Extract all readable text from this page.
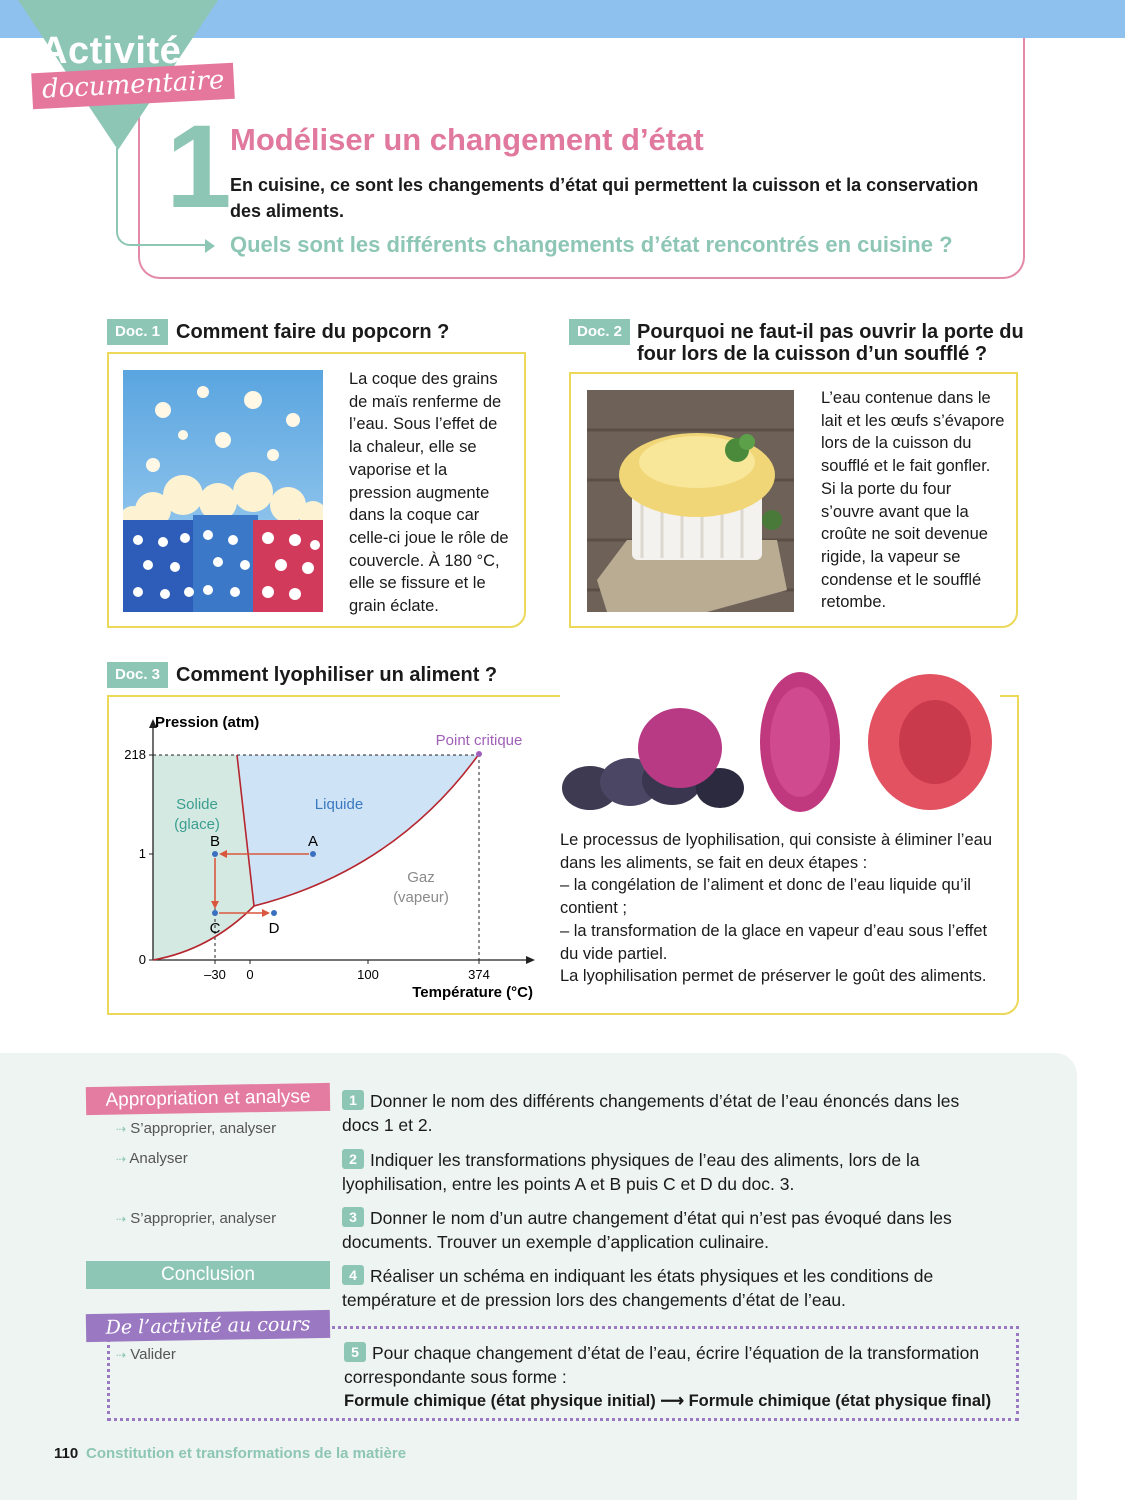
Activité
documentaire
1
Modéliser un changement d’état
En cuisine, ce sont les changements d’état qui permettent la cuisson et la conservation des aliments.
Quels sont les différents changements d’état rencontrés en cuisine ?
Doc. 1 Comment faire du popcorn ?
La coque des grains de maïs renferme de l’eau. Sous l’effet de la chaleur, elle se vaporise et la pression augmente dans la coque car celle-ci joue le rôle de couvercle. À 180 °C, elle se fissure et le grain éclate.
Doc. 2 Pourquoi ne faut-il pas ouvrir la porte du four lors de la cuisson d’un soufflé ?
L’eau contenue dans le lait et les œufs s’évapore lors de la cuisson du soufflé et le fait gonfler. Si la porte du four s’ouvre avant que la croûte ne soit devenue rigide, la vapeur se condense et le soufflé retombe.
Doc. 3 Comment lyophiliser un aliment ?
Pression (atm)
Température (°C)
–30 0	100	374
0
1
218
Solide
(glace)
Liquide
Gaz
(vapeur)
A
B
C	D
Point critique
Le processus de lyophilisation, qui consiste à éliminer l’eau dans les aliments, se fait en deux étapes :
– la congélation de l’aliment et donc de l’eau liquide qu’il contient ;
– la transformation de la glace en vapeur d’eau sous l’effet du vide partiel.
La lyophilisation permet de préserver le goût des aliments.
Appropriation et analyse
Conclusion
De l’activité au cours
⇢ S’approprier, analyser
⇢ Analyser
⇢ S’approprier, analyser
⇢ Valider
1 Donner le nom des différents changements d’état de l’eau énoncés dans les docs 1 et 2.
2 Indiquer les transformations physiques de l’eau des aliments, lors de la lyophilisation, entre les points A et B puis C et D du doc. 3.
3 Donner le nom d’un autre changement d’état qui n’est pas évoqué dans les documents. Trouver un exemple d’application culinaire.
4 Réaliser un schéma en indiquant les états physiques et les conditions de température et de pression lors des changements d’état de l’eau.
5 Pour chaque changement d’état de l’eau, écrire l’équation de la transformation correspondante sous forme :
Formule chimique (état physique initial) ⟶ Formule chimique (état physique final)
110 Constitution et transformations de la matière
